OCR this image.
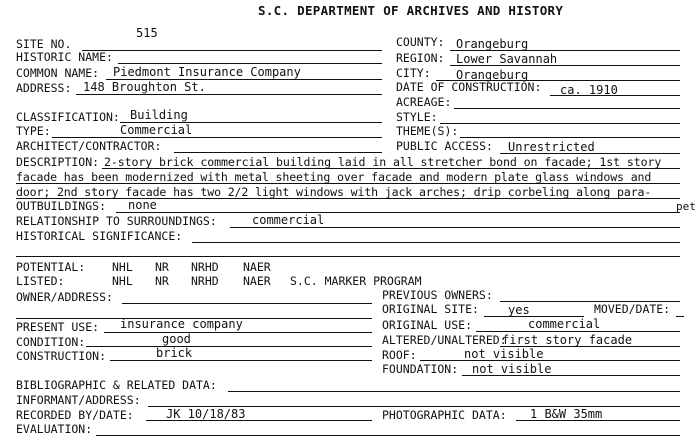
S.C. DEPARTMENT OF ARCHIVES AND HISTORY
SITE NO.
515
HISTORIC NAME:
COMMON NAME: Piedmont Insurance Company
ADDRESS: 148 Broughton St.
CLASSIFICATION: Building
TYPE:	Commercial
ARCHITECT/CONTRACTOR:
COUNTY: Orangeburg
REGION: Lower Savannah
CITY: Orangeburg
DATE OF CONSTRUCTION: ca. 1910
ACREAGE:
STYLE:
THEME(S):
PUBLIC ACCESS: Unrestricted
DESCRIPTION: 2-story brick commercial building laid in all stretcher bond on facade; 1st story
facade has been modernized with metal sheeting over facade and modern plate glass windows and
door; 2nd story facade has two 2/2 light windows with jack arches; drip corbeling along para-
pet
OUTBUILDINGS: none
RELATIONSHIP TO SURROUNDINGS:	commercial
HISTORICAL SIGNIFICANCE:
POTENTIAL: NHL NR NRHD NAER
LISTED:	NHL NR NRHD NAER S.C. MARKER PROGRAM
OWNER/ADDRESS:
PRESENT USE: insurance company
CONDITION:	good
CONSTRUCTION:	brick
PREVIOUS OWNERS:
ORIGINAL SITE: yes	MOVED/DATE:
ORIGINAL USE:	commercial
ALTERED/UNALTERED:
first story facade
ROOF:	not visible
FOUNDATION: not visible
BIBLIOGRAPHIC & RELATED DATA:
INFORMANT/ADDRESS:
RECORDED BY/DATE:	JK 10/18/83	PHOTOGRAPHIC DATA: 1 B&W 35mm
EVALUATION:
